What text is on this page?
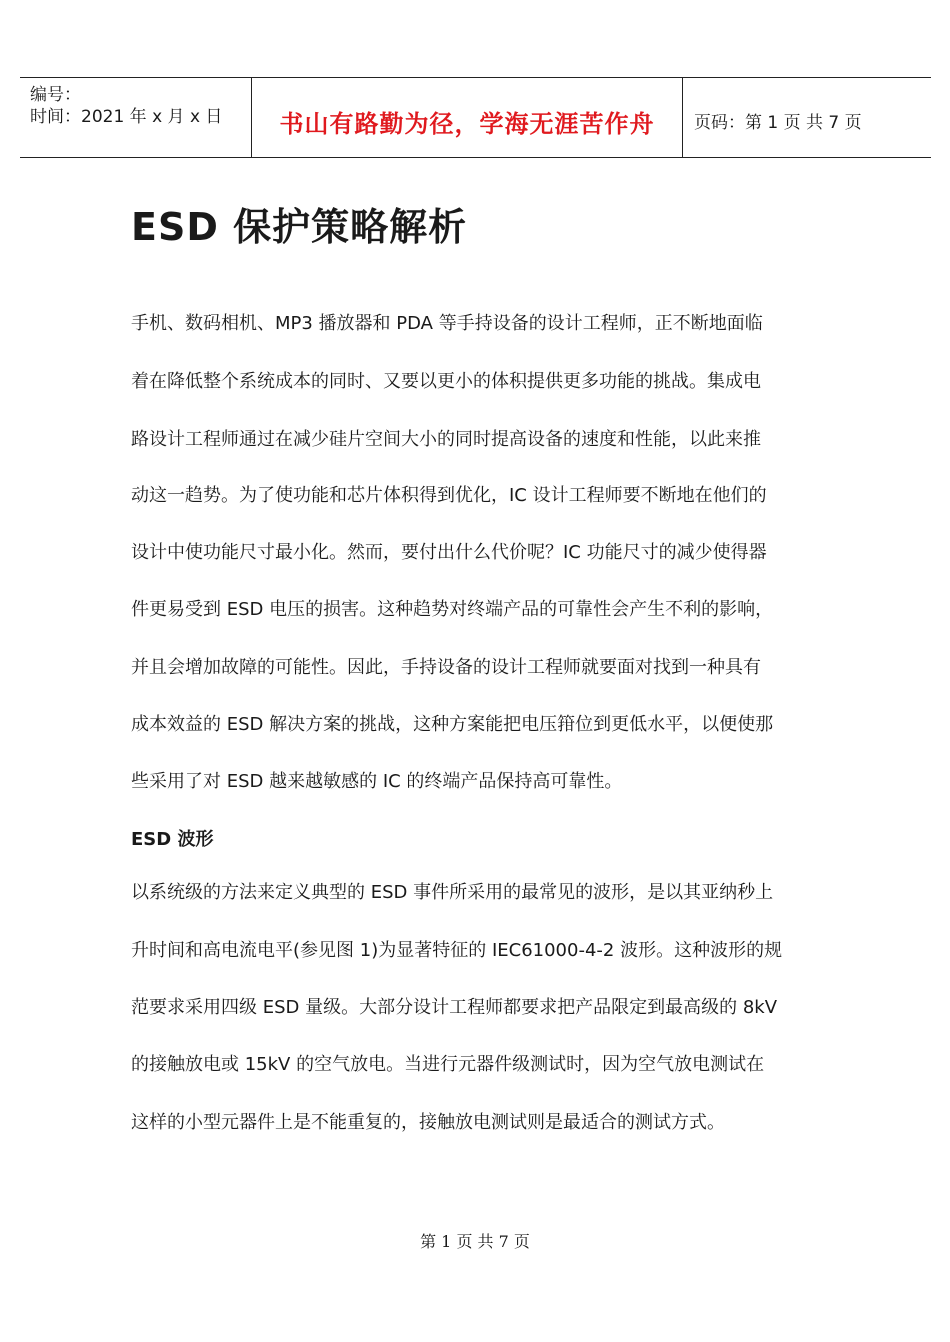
编号：
时间：2021 年 x 月 x 日	书山有路勤为径，学海无涯苦作舟	页码：第 1 页 共 7 页
ESD 保护策略解析
手机、数码相机、MP3 播放器和 PDA 等手持设备的设计工程师，正不断地面临
着在降低整个系统成本的同时、又要以更小的体积提供更多功能的挑战。集成电
路设计工程师通过在减少硅片空间大小的同时提高设备的速度和性能，以此来推
动这一趋势。为了使功能和芯片体积得到优化，IC 设计工程师要不断地在他们的
设计中使功能尺寸最小化。然而，要付出什么代价呢？IC 功能尺寸的减少使得器
件更易受到 ESD 电压的损害。这种趋势对终端产品的可靠性会产生不利的影响，
并且会增加故障的可能性。因此，手持设备的设计工程师就要面对找到一种具有
成本效益的 ESD 解决方案的挑战，这种方案能把电压箝位到更低水平，以便使那
些采用了对 ESD 越来越敏感的 IC 的终端产品保持高可靠性。
ESD 波形
以系统级的方法来定义典型的 ESD 事件所采用的最常见的波形，是以其亚纳秒上
升时间和高电流电平(参见图 1)为显著特征的 IEC61000-4-2 波形。这种波形的规
范要求采用四级 ESD 量级。大部分设计工程师都要求把产品限定到最高级的 8kV
的接触放电或 15kV 的空气放电。当进行元器件级测试时，因为空气放电测试在
这样的小型元器件上是不能重复的，接触放电测试则是最适合的测试方式。
第 1 页 共 7 页
